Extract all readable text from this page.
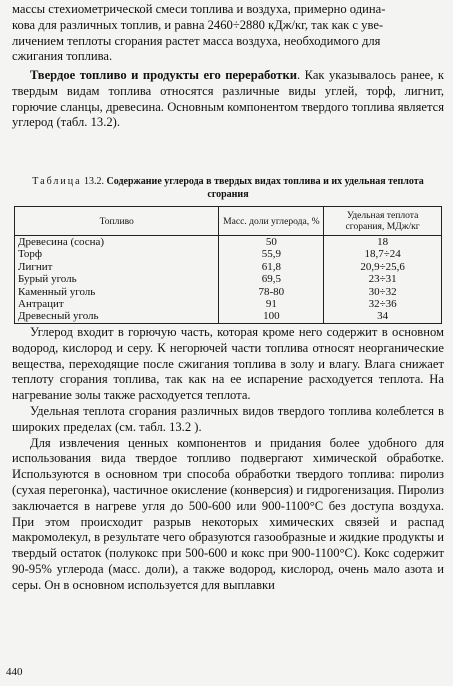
массы стехиометрической смеси топлива и воздуха, примерно одина-
кова для различных топлив, и равна 2460÷2880 кДж/кг, так как с уве-
личением теплоты сгорания растет масса воздуха, необходимого для
сжигания топлива.

Твердое топливо и продукты его переработки. Как указывалось ранее, к твердым видам топлива относятся различные виды углей, торф, лигнит, горючие сланцы, древесина. Основным компонентом твердого топлива является углерод (табл. 13.2).

Таблица 13.2. Содержание углерода в твердых видах топлива и их удельная теплота сгорания
Топливо	Масс. доли углерода, %	Удельная теплота сгорания, МДж/кг
Древесина (сосна)	50	18
Торф	55,9	18,7÷24
Лигнит	61,8	20,9÷25,6
Бурый уголь	69,5	23÷31
Каменный уголь	78-80	30÷32
Антрацит	91	32÷36
Древесный уголь	100	34

Углерод входит в горючую часть, которая кроме него содержит в основном водород, кислород и серу. К негорючей части топлива относят неорганические вещества, переходящие после сжигания топлива в золу и влагу. Влага снижает теплоту сгорания топлива, так как на ее испарение расходуется теплота. На нагревание золы также расходуется теплота.

Удельная теплота сгорания различных видов твердого топлива колеблется в широких пределах (см. табл. 13.2 ).

Для извлечения ценных компонентов и придания более удобного для использования вида твердое топливо подвергают химической обработке. Используются в основном три способа обработки твердого топлива: пиролиз (сухая перегонка), частичное окисление (конверсия) и гидрогенизация. Пиролиз заключается в нагреве угля до 500-600 или 900-1100°С без доступа воздуха. При этом происходит разрыв некоторых химических связей и распад макромолекул, в результате чего образуются газообразные и жидкие продукты и твердый остаток (полукокс при 500-600 и кокс при 900-1100°С). Кокс содержит 90-95% углерода (масс. доли), а также водород, кислород, очень мало азота и серы. Он в основном используется для выплавки

440
